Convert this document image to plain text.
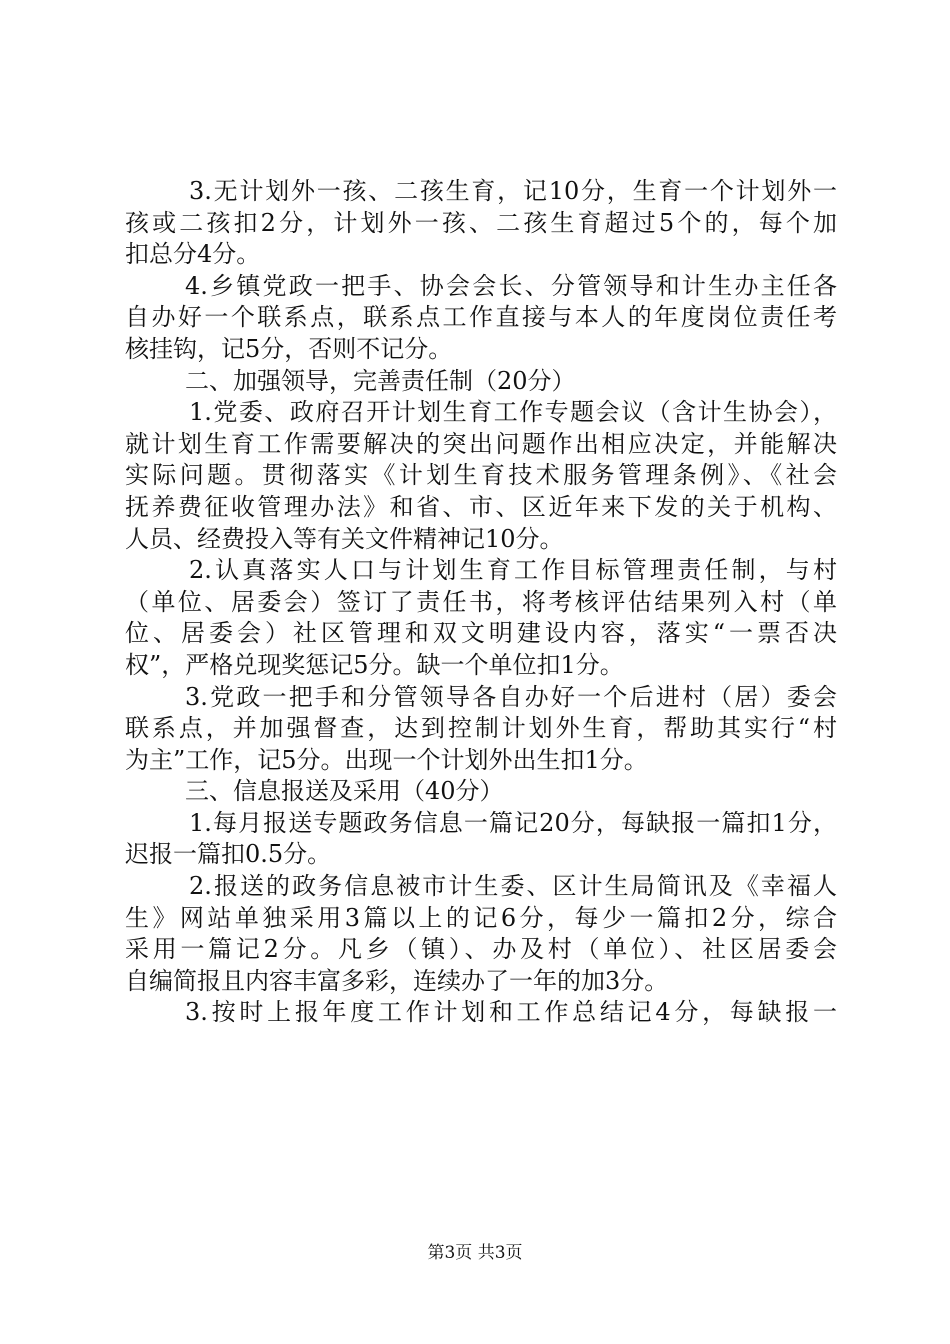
3.无计划外一孩、二孩生育，记10分，生育一个计划外一
孩或二孩扣2分，计划外一孩、二孩生育超过5个的，每个加
扣总分4分。
4.乡镇党政一把手、协会会长、分管领导和计生办主任各
自办好一个联系点，联系点工作直接与本人的年度岗位责任考
核挂钩，记5分，否则不记分。
二、加强领导，完善责任制（20分）
1.党委、政府召开计划生育工作专题会议（含计生协会），
就计划生育工作需要解决的突出问题作出相应决定，并能解决
实际问题。贯彻落实《计划生育技术服务管理条例》、《社会
抚养费征收管理办法》和省、市、区近年来下发的关于机构、
人员、经费投入等有关文件精神记10分。
2.认真落实人口与计划生育工作目标管理责任制，与村
（单位、居委会）签订了责任书，将考核评估结果列入村（单
位、居委会）社区管理和双文明建设内容，落实“一票否决
权”，严格兑现奖惩记5分。缺一个单位扣1分。
3.党政一把手和分管领导各自办好一个后进村（居）委会
联系点，并加强督查，达到控制计划外生育，帮助其实行“村
为主”工作，记5分。出现一个计划外出生扣1分。
三、信息报送及采用（40分）
1.每月报送专题政务信息一篇记20分，每缺报一篇扣1分，
迟报一篇扣0.5分。
2.报送的政务信息被市计生委、区计生局简讯及《幸福人
生》网站单独采用3篇以上的记6分，每少一篇扣2分，综合
采用一篇记2分。凡乡（镇）、办及村（单位）、社区居委会
自编简报且内容丰富多彩，连续办了一年的加3分。
3.按时上报年度工作计划和工作总结记4分，每缺报一
第3页 共3页
